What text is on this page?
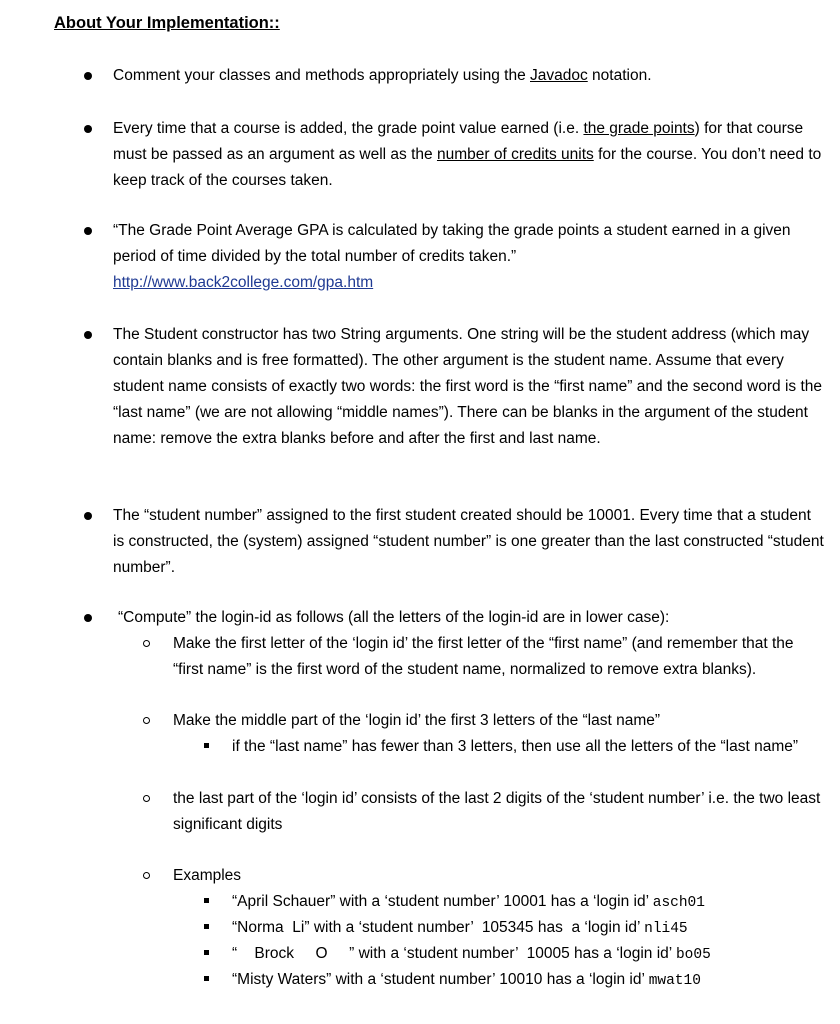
About Your Implementation::
Comment your classes and methods appropriately using the Javadoc notation.
Every time that a course is added, the grade point value earned (i.e. the grade points) for that course must be passed as an argument as well as the number of credits units for the course. You don’t need to keep track of the courses taken.
“The Grade Point Average GPA is calculated by taking the grade points a student earned in a given period of time divided by the total number of credits taken.”
http://www.back2college.com/gpa.htm
The Student constructor has two String arguments. One string will be the student address (which may contain blanks and is free formatted). The other argument is the student name. Assume that every student name consists of exactly two words: the first word is the “first name” and the second word is the “last name” (we are not allowing “middle names”). There can be blanks in the argument of the student name: remove the extra blanks before and after the first and last name.
The “student number” assigned to the first student created should be 10001. Every time that a student is constructed, the (system) assigned “student number” is one greater than the last constructed “student number”.
“Compute” the login-id as follows (all the letters of the login-id are in lower case):
Make the first letter of the ‘login id’ the first letter of the “first name” (and remember that the “first name” is the first word of the student name, normalized to remove extra blanks).
Make the middle part of the ‘login id’ the first 3 letters of the “last name”
if the “last name” has fewer than 3 letters, then use all the letters of the “last name”
the last part of the ‘login id’ consists of the last 2 digits of the ‘student number’ i.e. the two least significant digits
Examples
“April Schauer” with a ‘student number’ 10001 has a ‘login id’ asch01
“Norma  Li” with a ‘student number’  105345 has  a ‘login id’ nli45
“    Brock     O     ” with a ‘student number’  10005 has a ‘login id’ bo05
“Misty Waters” with a ‘student number’ 10010 has a ‘login id’ mwat10
